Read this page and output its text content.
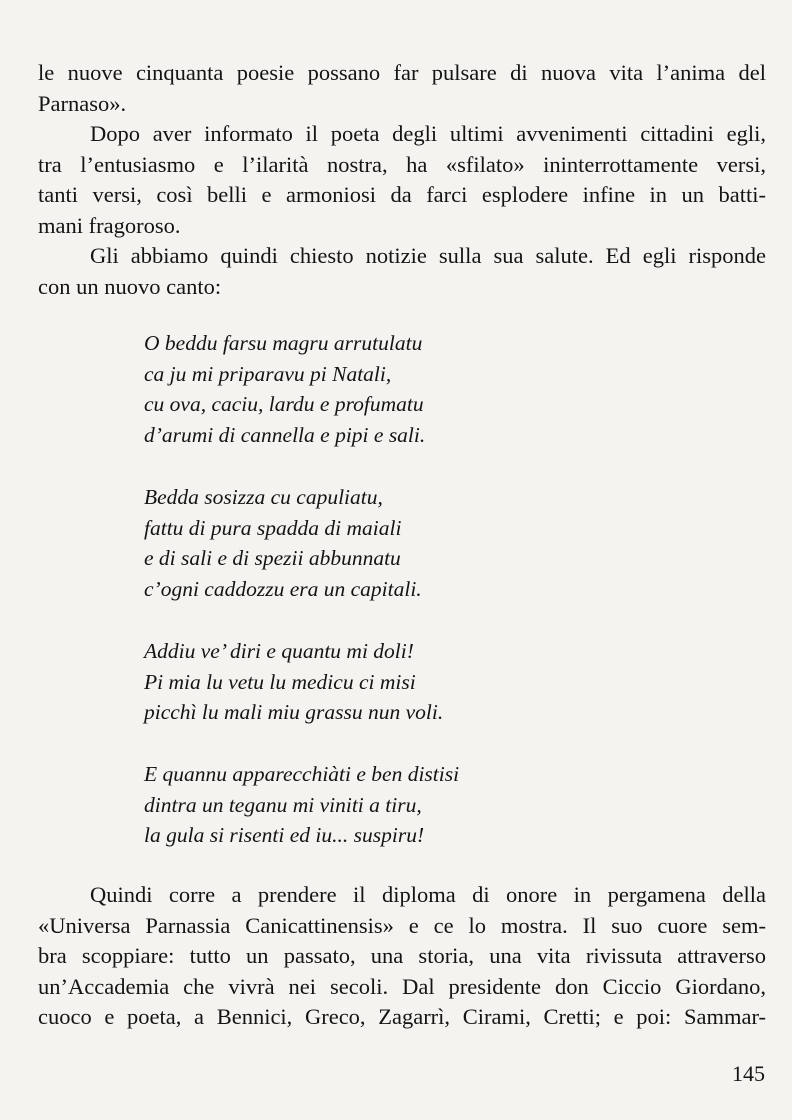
le nuove cinquanta poesie possano far pulsare di nuova vita l’anima del
Parnaso».
Dopo aver informato il poeta degli ultimi avvenimenti cittadini egli,
tra l’entusiasmo e l’ilarità nostra, ha «sfilato» ininterrottamente versi,
tanti versi, così belli e armoniosi da farci esplodere infine in un batti-
mani fragoroso.
Gli abbiamo quindi chiesto notizie sulla sua salute. Ed egli risponde
con un nuovo canto:
O beddu farsu magru arrutulatu
ca ju mi priparavu pi Natali,
cu ova, caciu, lardu e profumatu
d’arumi di cannella e pipi e sali.
Bedda sosizza cu capuliatu,
fattu di pura spadda di maiali
e di sali e di spezii abbunnatu
c’ogni caddozzu era un capitali.
Addiu ve’ diri e quantu mi doli!
Pi mia lu vetu lu medicu ci misi
picchì lu mali miu grassu nun voli.
E quannu apparecchiàti e ben distisi
dintra un teganu mi viniti a tiru,
la gula si risenti ed iu... suspiru!
Quindi corre a prendere il diploma di onore in pergamena della
«Universa Parnassia Canicattinensis» e ce lo mostra. Il suo cuore sem-
bra scoppiare: tutto un passato, una storia, una vita rivissuta attraverso
un’Accademia che vivrà nei secoli. Dal presidente don Ciccio Giordano,
cuoco e poeta, a Bennici, Greco, Zagarrì, Cirami, Cretti; e poi: Sammar-
145
